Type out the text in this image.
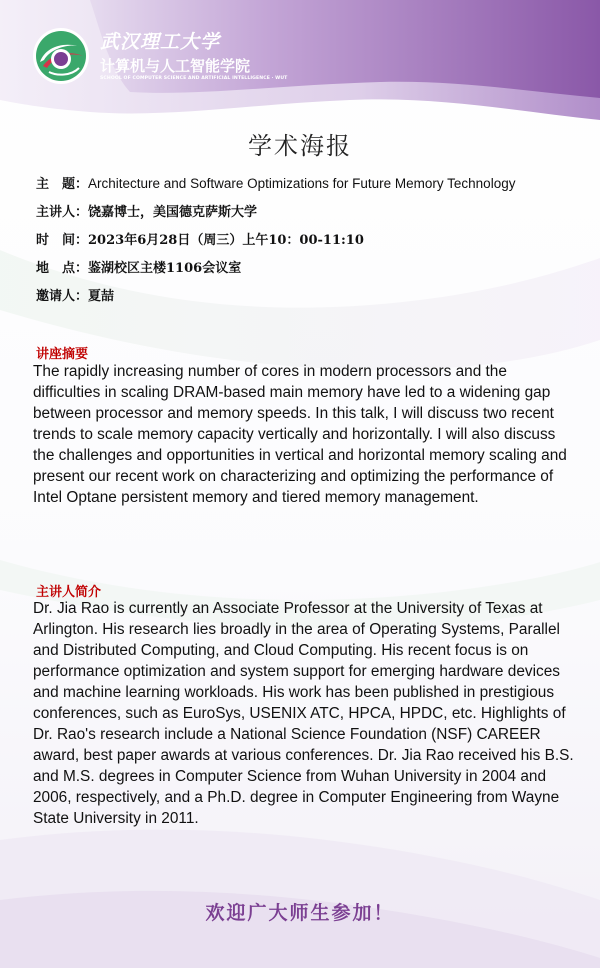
武汉理工大学
计算机与人工智能学院
SCHOOL OF COMPUTER SCIENCE AND ARTIFICIAL INTELLIGENCE · WUT
学术海报
主　题：Architecture and Software Optimizations for Future Memory Technology
主讲人：饶嘉博士，美国德克萨斯大学
时　间：2023年6月28日（周三）上午10：00-11:10
地　点：鉴湖校区主楼1106会议室
邀请人：夏喆
讲座摘要
The rapidly increasing number of cores in modern processors and the difficulties in scaling DRAM-based main memory have led to a widening gap between processor and memory speeds. In this talk, I will discuss two recent trends to scale memory capacity vertically and horizontally. I will also discuss the challenges and opportunities in vertical and horizontal memory scaling and present our recent work on characterizing and optimizing the performance of Intel Optane persistent memory and tiered memory management.
主讲人简介
Dr. Jia Rao is currently an Associate Professor at the University of Texas at Arlington. His research lies broadly in the area of Operating Systems, Parallel and Distributed Computing, and Cloud Computing. His recent focus is on performance optimization and system support for emerging hardware devices and machine learning workloads. His work has been published in prestigious conferences, such as EuroSys, USENIX ATC, HPCA, HPDC, etc. Highlights of Dr. Rao's research include a National Science Foundation (NSF) CAREER award, best paper awards at various conferences. Dr. Jia Rao received his B.S. and M.S. degrees in Computer Science from Wuhan University in 2004 and 2006, respectively, and a Ph.D. degree in Computer Engineering from Wayne State University in 2011.
欢迎广大师生参加！
